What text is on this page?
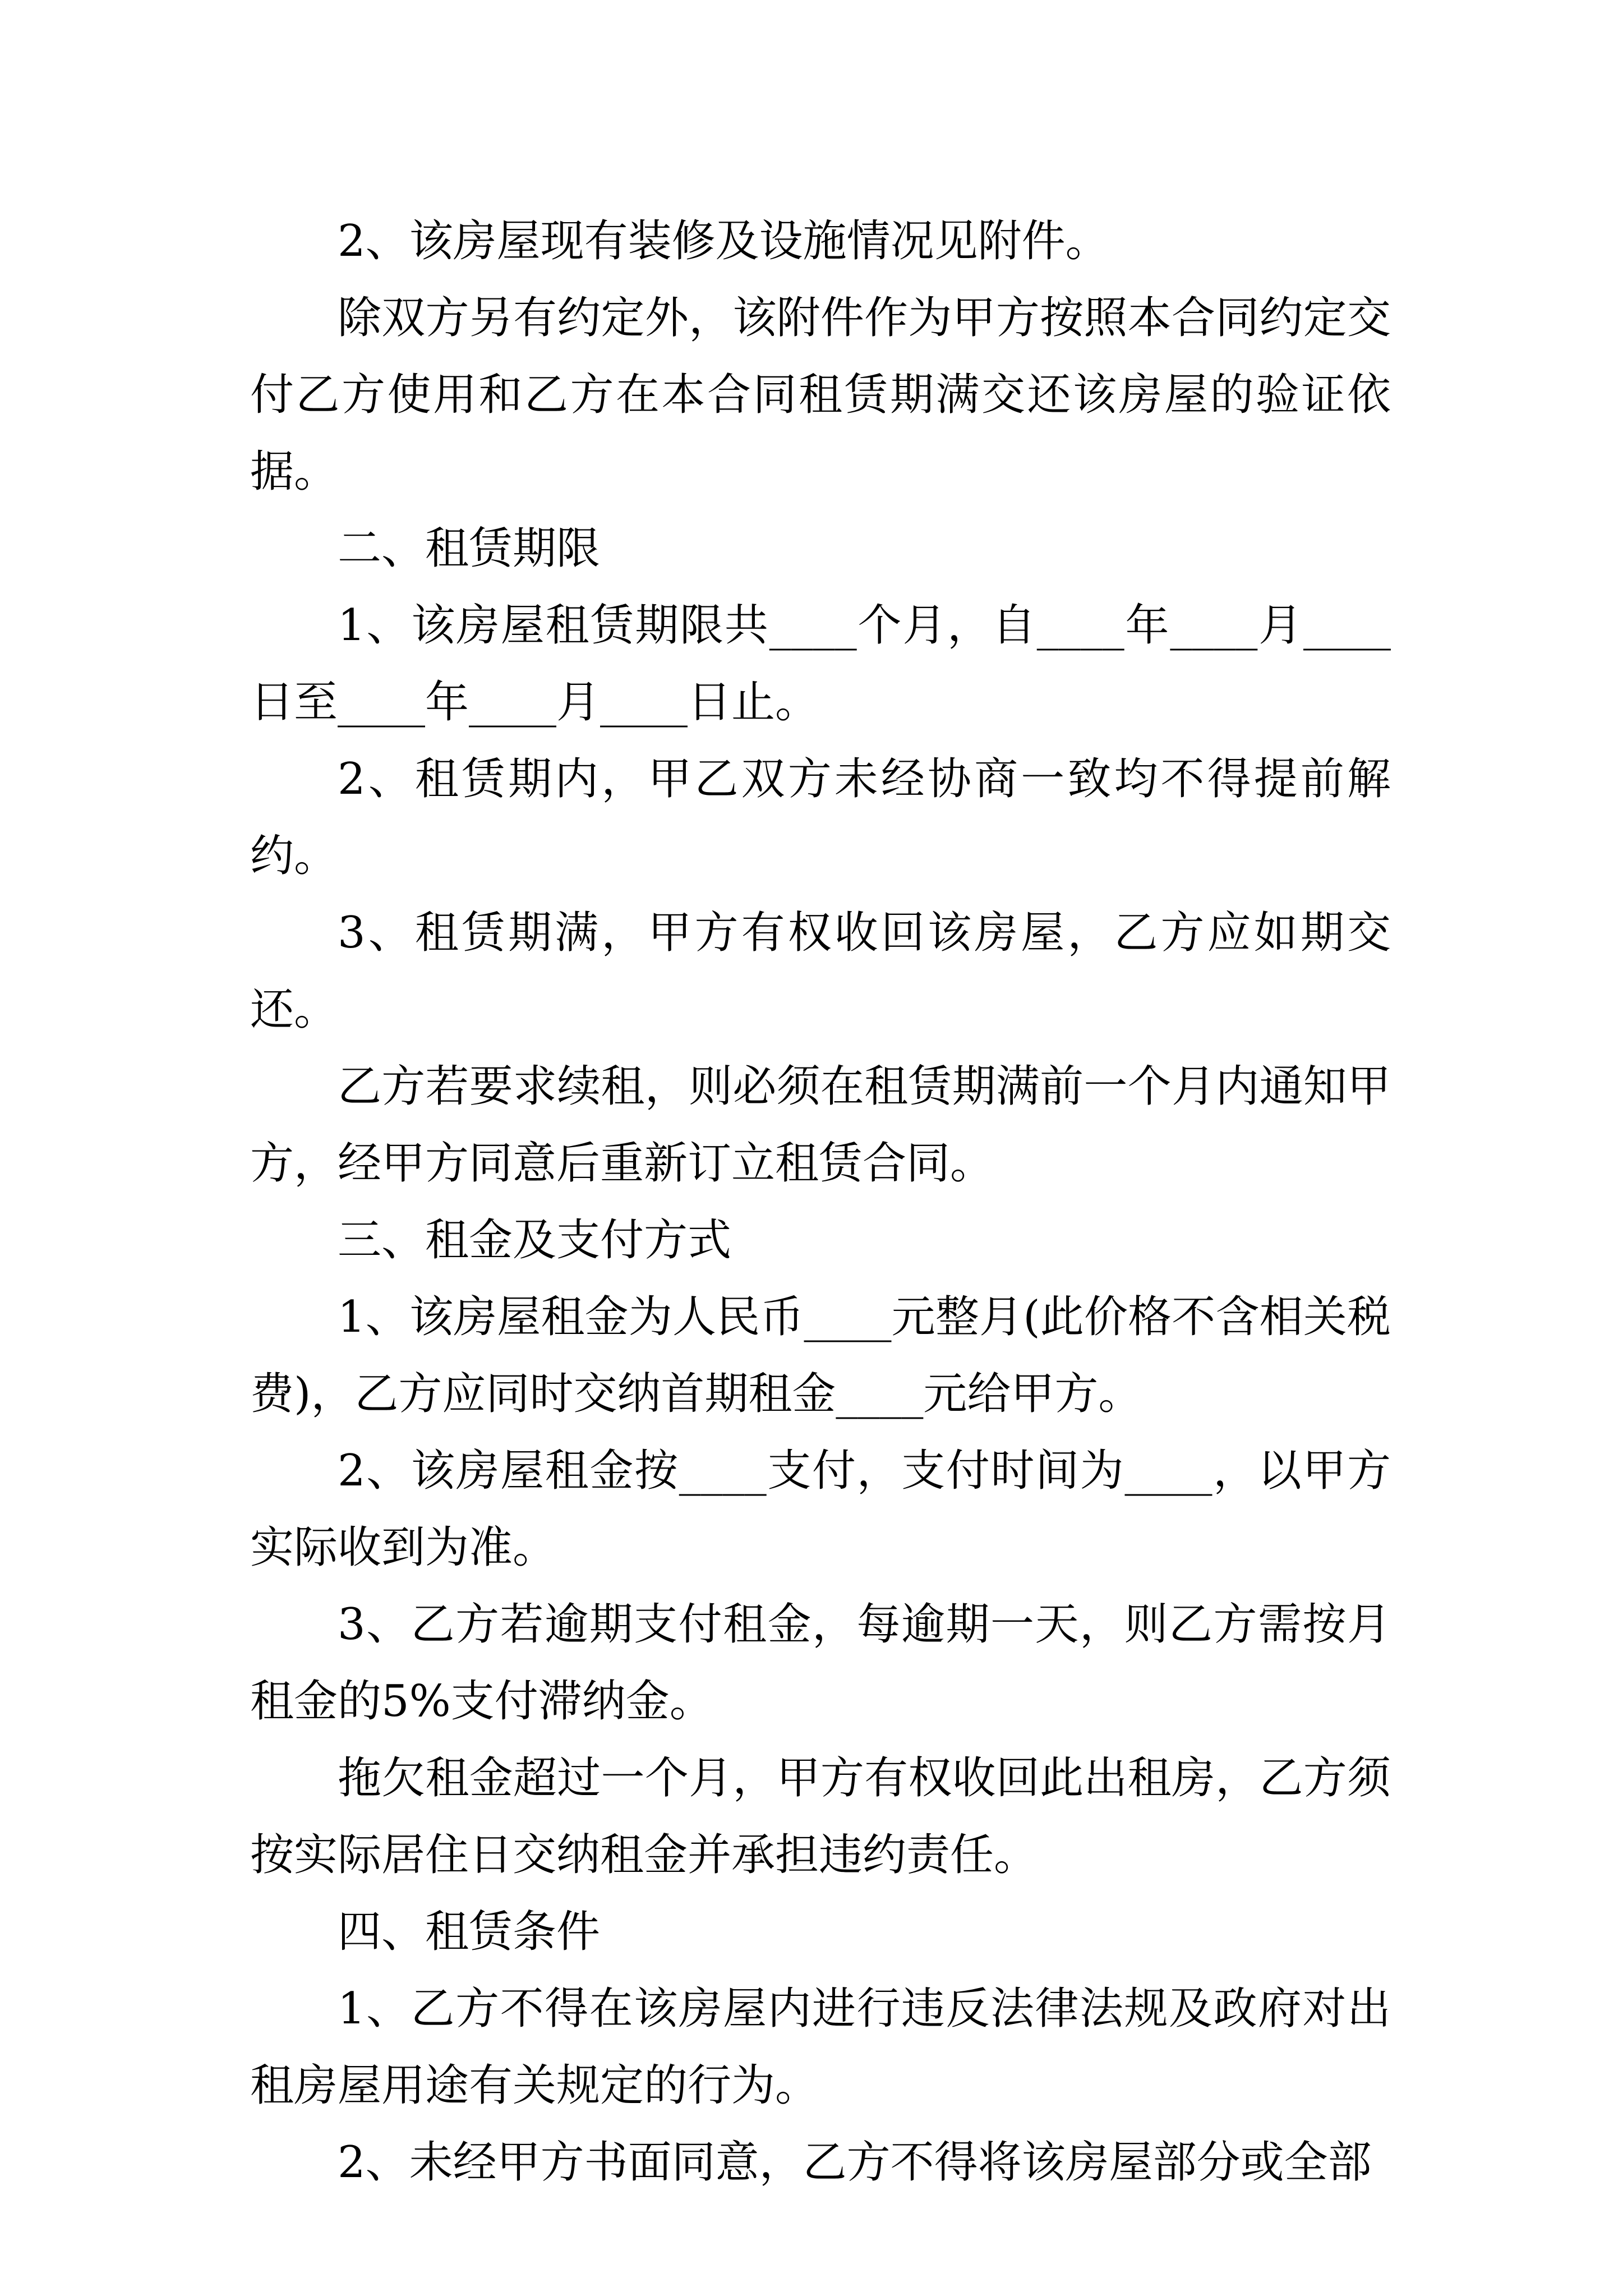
2、该房屋现有装修及设施情况见附件。

除双方另有约定外，该附件作为甲方按照本合同约定交付乙方使用和乙方在本合同租赁期满交还该房屋的验证依据。

二、租赁期限

1、该房屋租赁期限共____个月，自____年____月____日至____年____月____日止。

2、租赁期内，甲乙双方未经协商一致均不得提前解约。

3、租赁期满，甲方有权收回该房屋，乙方应如期交还。

乙方若要求续租，则必须在租赁期满前一个月内通知甲方，经甲方同意后重新订立租赁合同。

三、租金及支付方式

1、该房屋租金为人民币____元整月(此价格不含相关税费)，乙方应同时交纳首期租金____元给甲方。

2、该房屋租金按____支付，支付时间为____，以甲方实际收到为准。

3、乙方若逾期支付租金，每逾期一天，则乙方需按月租金的5%支付滞纳金。

拖欠租金超过一个月，甲方有权收回此出租房，乙方须按实际居住日交纳租金并承担违约责任。

四、租赁条件

1、乙方不得在该房屋内进行违反法律法规及政府对出租房屋用途有关规定的行为。

2、未经甲方书面同意，乙方不得将该房屋部分或全部
